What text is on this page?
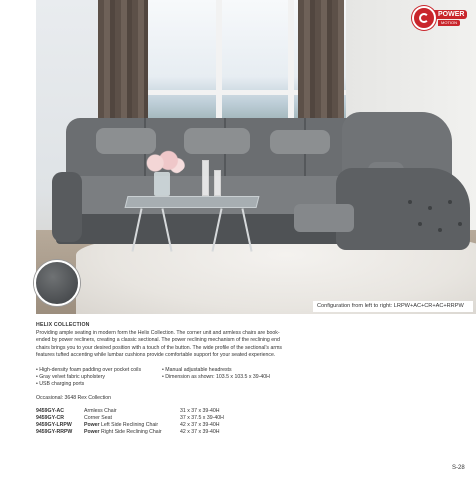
Configuration from left to right: LRPW+AC+CR+AC+RRPW
POWER
MOTION
HELIX COLLECTION

Providing ample seating in modern form the Helix Collection. The corner unit and armless chairs are book-

ended by power recliners, creating a classic sectional. The power reclining mechanism of the reclining end

chairs brings you to your desired position with a touch of the button. The wide profile of the sectional's arms

features tufted accenting while lumbar cushions provide comfortable support for your seated experience.

• High-density foam padding over pocket coils
• Gray velvet fabric upholstery
• USB charging ports
• Manual adjustable headrests
• Dimension as shown: 103.5 x 103.5 x 39-40H
Occasional: 3648 Rex Collection
9459GY-AC	Armless Chair	31 x 37 x 39-40H
9459GY-CR	Corner Seat	37 x 37.5 x 39-40H
9459GY-LRPW	Power Left Side Reclining Chair	42 x 37 x 39-40H
9459GY-RRPW	Power Right Side Reclining Chair	42 x 37 x 39-40H
S-28
